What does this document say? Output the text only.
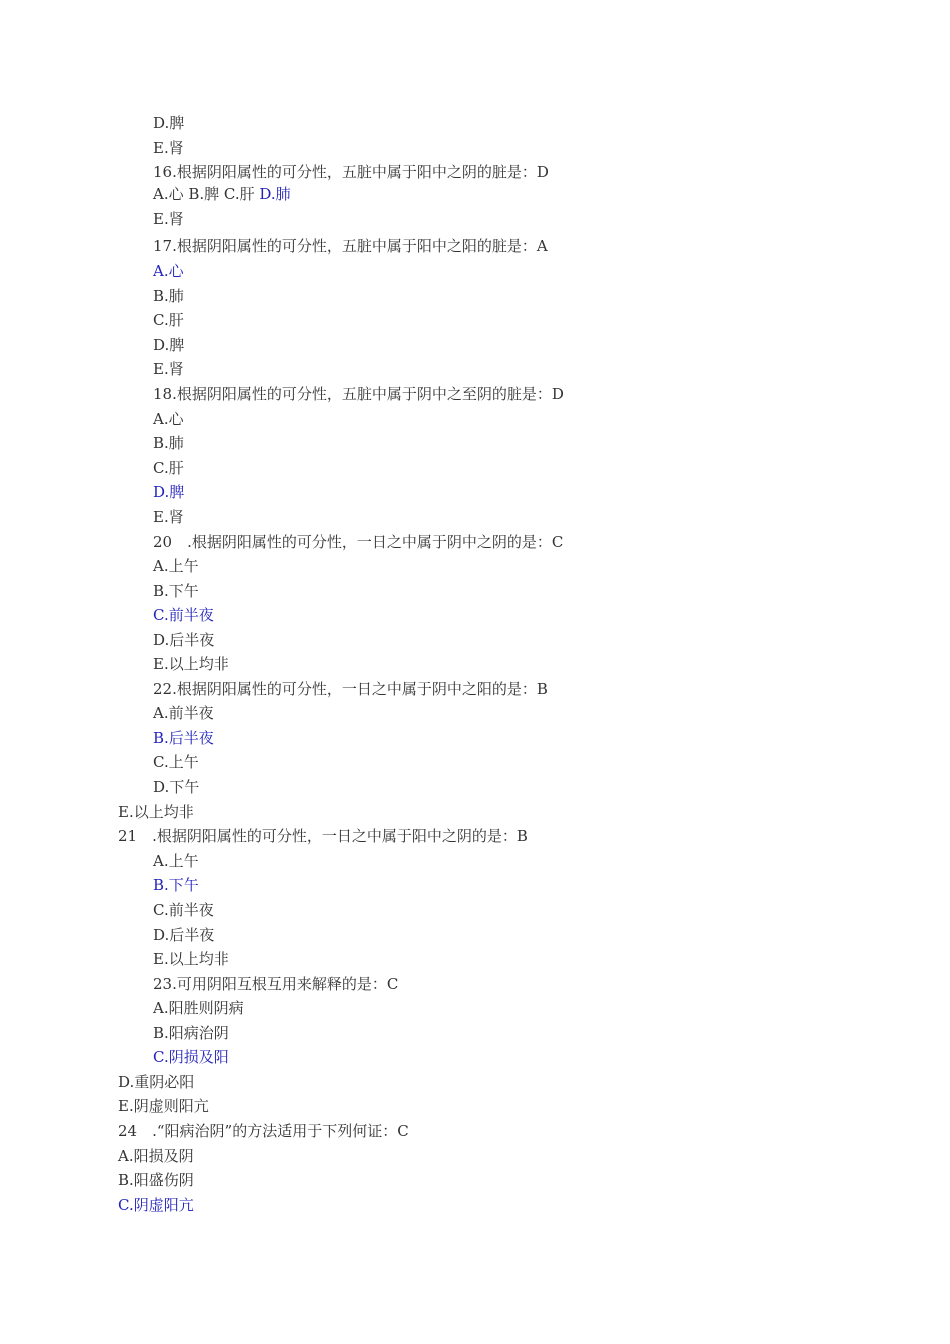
D.脾
E.肾
16.根据阴阳属性的可分性，五脏中属于阳中之阴的脏是：D
A.心 B.脾 C.肝 D.肺
E.肾
17.根据阴阳属性的可分性，五脏中属于阳中之阳的脏是：A
A.心
B.肺
C.肝
D.脾
E.肾
18.根据阴阳属性的可分性，五脏中属于阴中之至阴的脏是：D
A.心
B.肺
C.肝
D.脾
E.肾
20　.根据阴阳属性的可分性，一日之中属于阴中之阴的是：C
A.上午
B.下午
C.前半夜
D.后半夜
E.以上均非
22.根据阴阳属性的可分性，一日之中属于阴中之阳的是：B
A.前半夜
B.后半夜
C.上午
D.下午
E.以上均非
21　.根据阴阳属性的可分性，一日之中属于阳中之阴的是：B
A.上午
B.下午
C.前半夜
D.后半夜
E.以上均非
23.可用阴阳互根互用来解释的是：C
A.阳胜则阴病
B.阳病治阴
C.阴损及阳
D.重阴必阳
E.阴虚则阳亢
24　.“阳病治阴”的方法适用于下列何证：C
A.阳损及阴
B.阳盛伤阴
C.阴虚阳亢
